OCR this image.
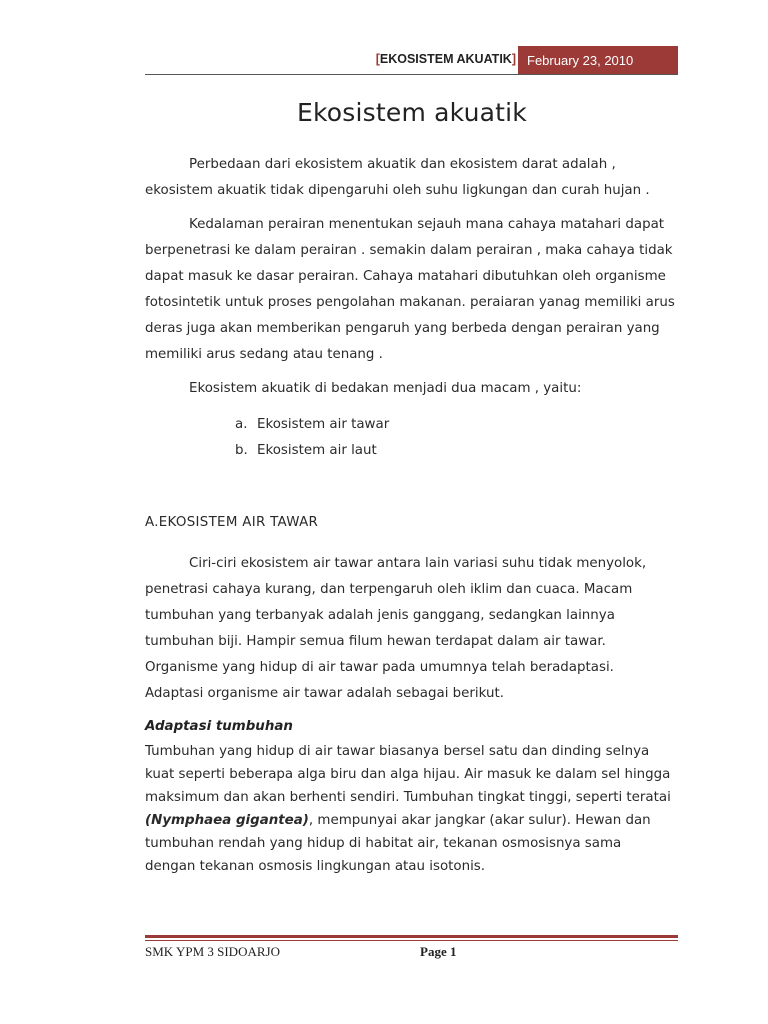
[EKOSISTEM AKUATIK] February 23, 2010
Ekosistem akuatik
Perbedaan dari ekosistem akuatik dan ekosistem darat adalah , ekosistem akuatik tidak dipengaruhi oleh suhu ligkungan dan curah hujan .
Kedalaman perairan menentukan sejauh mana cahaya matahari dapat berpenetrasi ke dalam perairan . semakin dalam perairan , maka cahaya tidak dapat masuk ke dasar perairan. Cahaya matahari dibutuhkan oleh organisme fotosintetik untuk proses pengolahan makanan. peraiaran yanag memiliki arus deras juga akan memberikan pengaruh yang berbeda dengan perairan yang memiliki arus sedang atau tenang .
Ekosistem akuatik di bedakan menjadi dua macam , yaitu:
a. Ekosistem air tawar
b. Ekosistem air laut
A.EKOSISTEM AIR TAWAR
Ciri-ciri ekosistem air tawar antara lain variasi suhu tidak menyolok, penetrasi cahaya kurang, dan terpengaruh oleh iklim dan cuaca. Macam tumbuhan yang terbanyak adalah jenis ganggang, sedangkan lainnya tumbuhan biji. Hampir semua filum hewan terdapat dalam air tawar. Organisme yang hidup di air tawar pada umumnya telah beradaptasi. Adaptasi organisme air tawar adalah sebagai berikut.
Adaptasi tumbuhan
Tumbuhan yang hidup di air tawar biasanya bersel satu dan dinding selnya kuat seperti beberapa alga biru dan alga hijau. Air masuk ke dalam sel hingga maksimum dan akan berhenti sendiri. Tumbuhan tingkat tinggi, seperti teratai (Nymphaea gigantea), mempunyai akar jangkar (akar sulur). Hewan dan tumbuhan rendah yang hidup di habitat air, tekanan osmosisnya sama dengan tekanan osmosis lingkungan atau isotonis.
SMK YPM 3 SIDOARJO	Page 1
